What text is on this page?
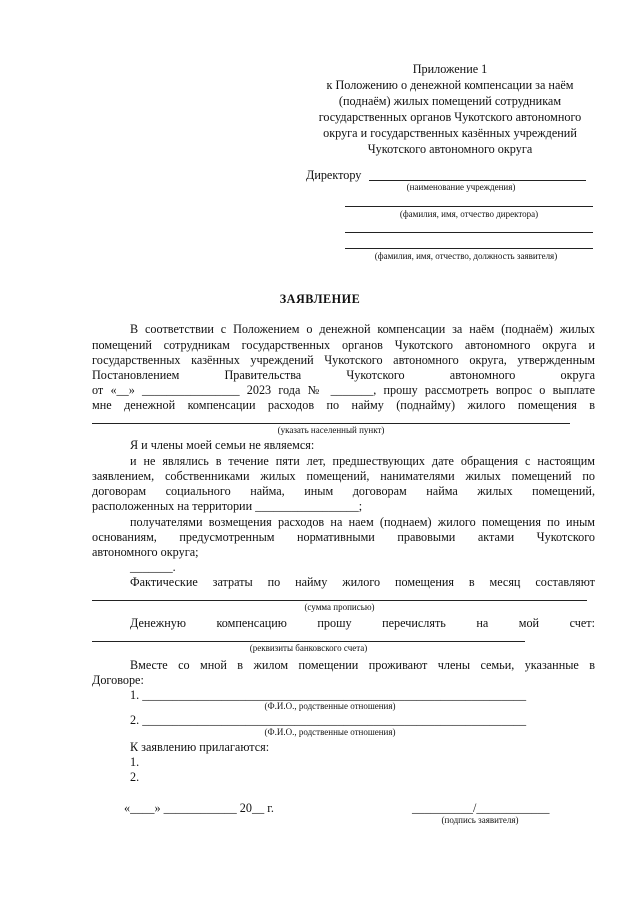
Приложение 1
к Положению о денежной компенсации за наём
(поднаём) жилых помещений сотрудникам
государственных органов Чукотского автономного
округа и государственных казённых учреждений
Чукотского автономного округа
Директору
(наименование учреждения)
(фамилия, имя, отчество директора)
(фамилия, имя, отчество, должность заявителя)
ЗАЯВЛЕНИЕ
В соответствии с Положением о денежной компенсации за наём (поднаём) жилых
помещений сотрудникам государственных органов Чукотского автономного округа и
государственных казённых учреждений Чукотского автономного округа, утвержденным
Постановлением Правительства Чукотского автономного округа
от «__» ________________ 2023 года № _______, прошу рассмотреть вопрос о выплате
мне денежной компенсации расходов по найму (поднайму) жилого помещения в
(указать населенный пункт)
Я и члены моей семьи не являемся:
и не являлись в течение пяти лет, предшествующих дате обращения с настоящим
заявлением, собственниками жилых помещений, нанимателями жилых помещений по
договорам социального найма, иным договорам найма жилых помещений,
расположенных на территории _________________;
получателями возмещения расходов на наем (поднаем) жилого помещения по иным
основаниям, предусмотренным нормативными правовыми актами Чукотского
автономного округа;
_______.
Фактические затраты по найму жилого помещения в месяц составляют
(сумма прописью)
Денежную компенсацию прошу перечислять на мой счет:
(реквизиты банковского счета)
Вместе со мной в жилом помещении проживают члены семьи, указанные в
Договоре:
1. _______________________________________________________________
(Ф.И.О., родственные отношения)
2. _______________________________________________________________
(Ф.И.О., родственные отношения)
К заявлению прилагаются:
1.
2.
«____» ____________ 20__ г.	__________/____________
(подпись заявителя)
